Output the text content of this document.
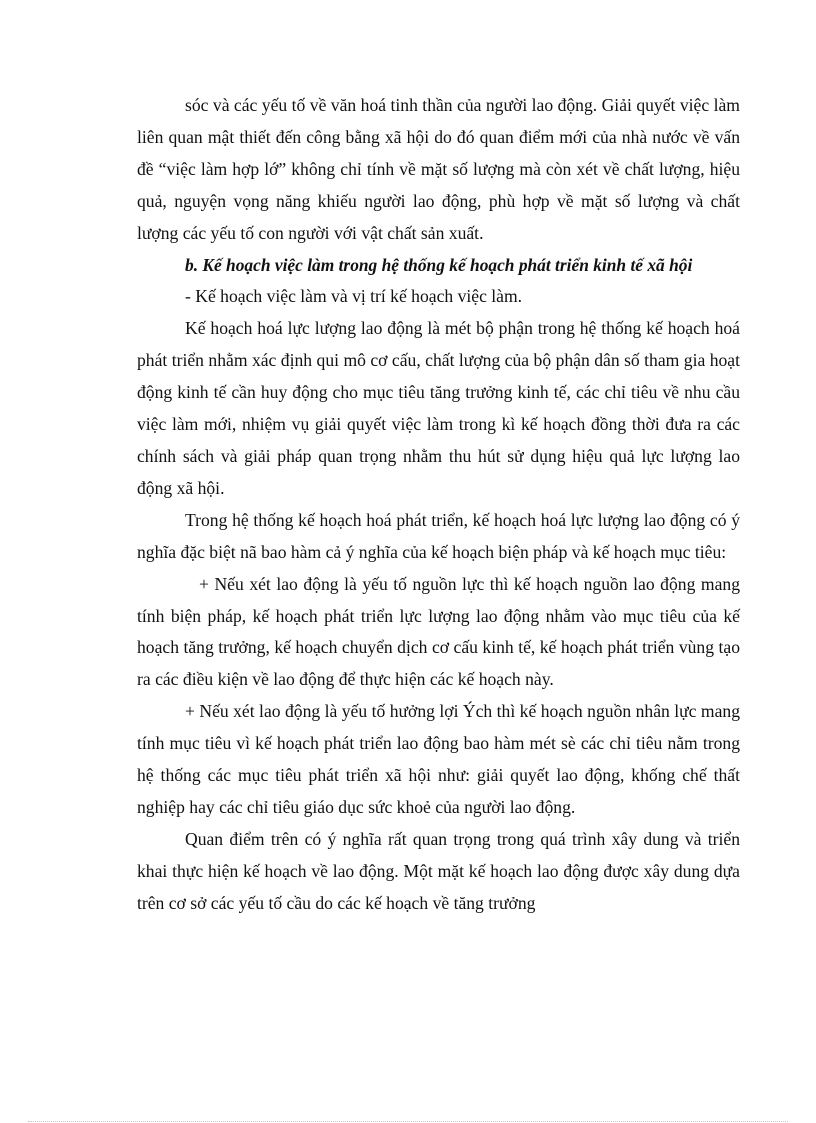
sóc và các yếu tố về văn hoá tinh thần của người lao động. Giải quyết việc làm liên quan mật thiết đến công bằng xã hội do đó quan điểm mới của nhà nước về vấn đề “việc làm hợp lớ” không chỉ tính về mặt số lượng mà còn xét về chất lượng, hiệu quả, nguyện vọng năng khiếu người lao động, phù hợp về mặt số lượng và chất lượng các yếu tố con người với vật chất sản xuất.

b. Kế hoạch việc làm trong hệ thống kế hoạch phát triển kinh tế xã hội

- Kế hoạch việc làm và vị trí kế hoạch việc làm.

Kế hoạch hoá lực lượng lao động là mét bộ phận trong hệ thống kế hoạch hoá phát triển nhằm xác định qui mô cơ cấu, chất lượng của bộ phận dân số tham gia hoạt động kinh tế cần huy động cho mục tiêu tăng trưởng kinh tế, các chỉ tiêu về nhu cầu việc làm mới, nhiệm vụ giải quyết việc làm trong kì kế hoạch đồng thời đưa ra các chính sách và giải pháp quan trọng nhằm thu hút sử dụng hiệu quả lực lượng lao động xã hội.

Trong hệ thống kế hoạch hoá phát triển, kế hoạch hoá lực lượng lao động có ý nghĩa đặc biệt nã bao hàm cả ý nghĩa của kế hoạch biện pháp và kế hoạch mục tiêu:

+ Nếu xét lao động là yếu tố nguồn lực thì kế hoạch nguồn lao động mang tính biện pháp, kế hoạch phát triển lực lượng lao động nhằm vào mục tiêu của kế hoạch tăng trưởng, kế hoạch chuyển dịch cơ cấu kinh tế, kế hoạch phát triển vùng tạo ra các điều kiện về lao động để thực hiện các kế hoạch này.

+ Nếu xét lao động là yếu tố hưởng lợi Ých thì kế hoạch nguồn nhân lực mang tính mục tiêu vì kế hoạch phát triển lao động bao hàm mét sè các chỉ tiêu nằm trong hệ thống các mục tiêu phát triển xã hội như: giải quyết lao động, khống chế thất nghiệp hay các chỉ tiêu giáo dục sức khoẻ của người lao động.

Quan điểm trên có ý nghĩa rất quan trọng trong quá trình xây dung và triển khai thực hiện kế hoạch về lao động. Một mặt kế hoạch lao động được xây dung dựa trên cơ sở các yếu tố cầu do các kế hoạch về tăng trưởng
